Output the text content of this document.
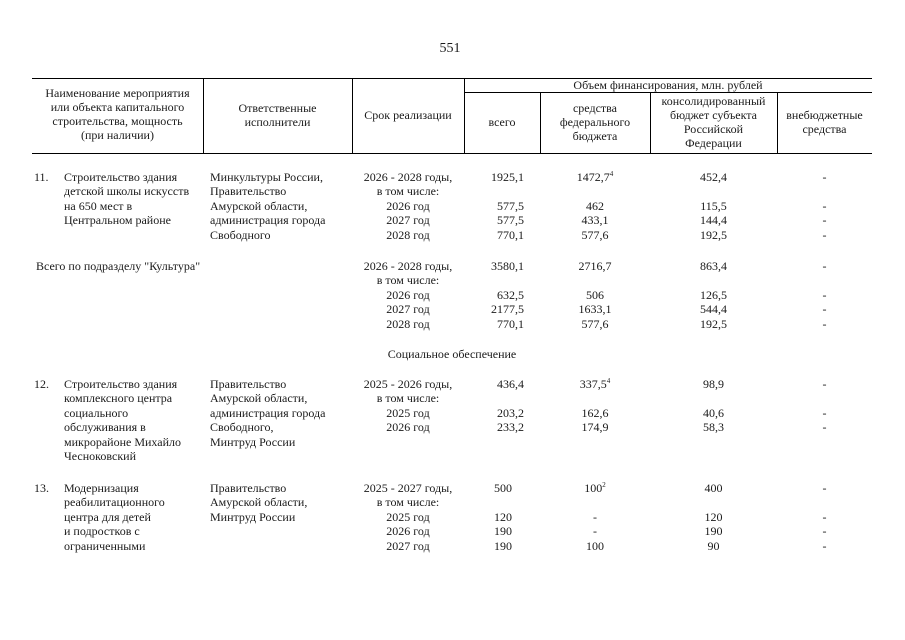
551
Наименование мероприятия
или объекта капитального
строительства, мощность
(при наличии)
Ответственные
исполнители	Срок реализации
Объем финансирования, млн. рублей
всего
средства
федерального
бюджета
консолидированный
бюджет субъекта
Российской
Федерации
внебюджетные
средства
11. Строительство здания
детской школы искусств
на 650 мест в
Центральном районе
Минкультуры России,
Правительство
Амурской области,
администрация города
Свободного
2026 - 2028 годы,
в том числе:
2026 год
2027 год
2028 год
1925,1
577,5
577,5
770,1
1472,7$^4$
462
433,1
577,6
452,4
115,5
144,4
192,5
-
-
-
-
Всего по подразделу "Культура"	2026 - 2028 годы,
в том числе:
2026 год
2027 год
2028 год
3580,1
632,5
2177,5
770,1
2716,7
506
1633,1
577,6
863,4
126,5
544,4
192,5
-
-
-
-
Социальное обеспечение
12. Строительство здания
комплексного центра
социального
обслуживания в
микрорайоне Михайло
Чесноковский
Правительство
Амурской области,
администрация города
Свободного,
Минтруд России
2025 - 2026 годы,
в том числе:
2025 год
2026 год
436,4
203,2
233,2
337,5$^4$
162,6
174,9
98,9
40,6
58,3
-
-
-
13. Модернизация
реабилитационного
центра для детей
и подростков с
ограниченными
Правительство
Амурской области,
Минтруд России
2025 - 2027 годы,
в том числе:
2025 год
2026 год
2027 год
500
120
190
190
$100^2$
-
-
100
400
120
190
90
-
-
-
-
